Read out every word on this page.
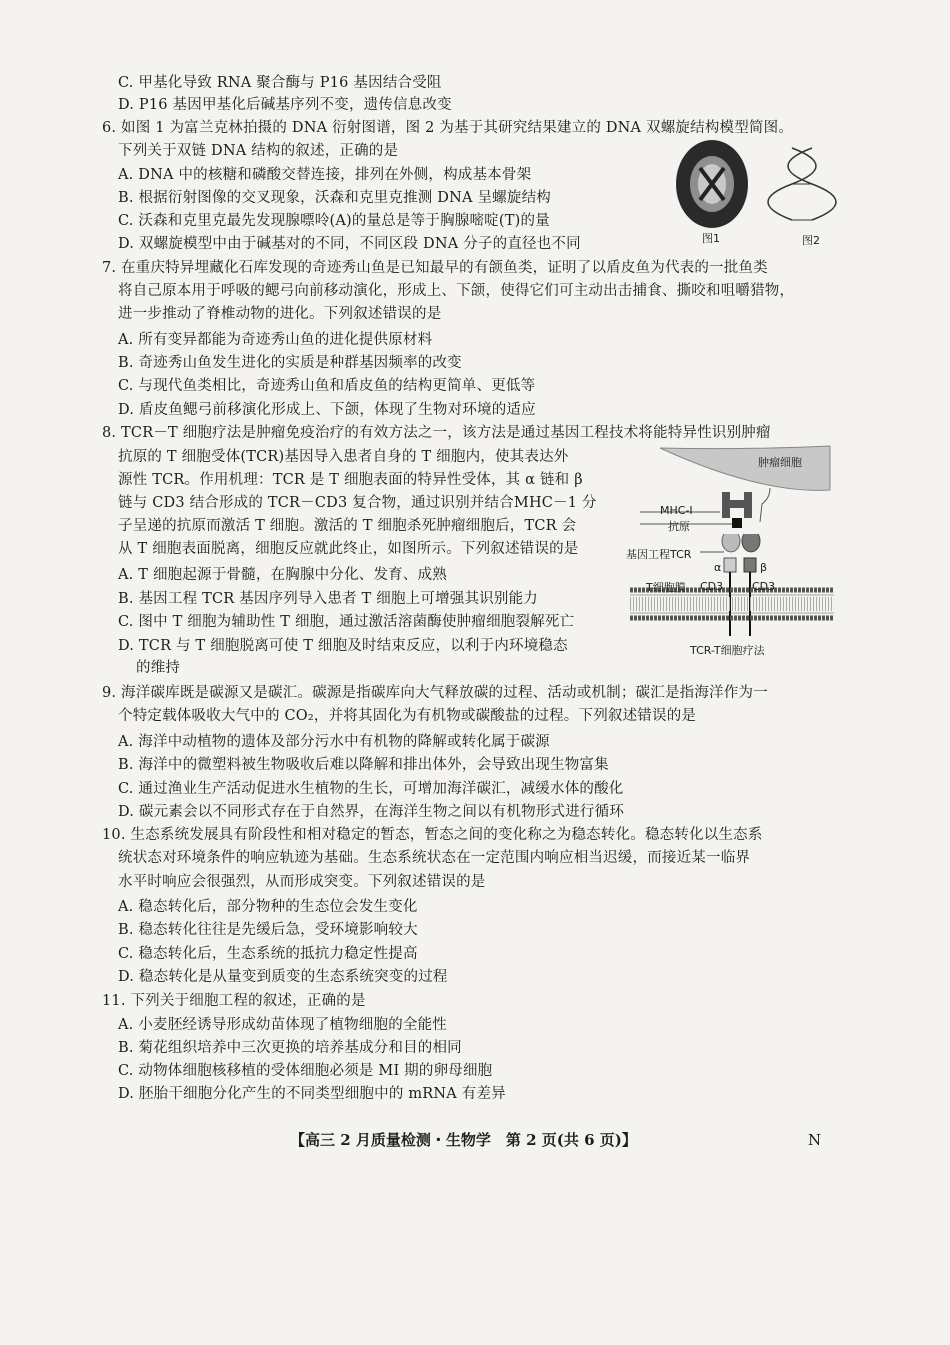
C. 甲基化导致 RNA 聚合酶与 P16 基因结合受阻
D. P16 基因甲基化后碱基序列不变，遗传信息改变
6. 如图 1 为富兰克林拍摄的 DNA 衍射图谱，图 2 为基于其研究结果建立的 DNA 双螺旋结构模型简图。
下列关于双链 DNA 结构的叙述，正确的是
A. DNA 中的核糖和磷酸交替连接，排列在外侧，构成基本骨架
B. 根据衍射图像的交叉现象，沃森和克里克推测 DNA 呈螺旋结构
C. 沃森和克里克最先发现腺嘌呤(A)的量总是等于胸腺嘧啶(T)的量
D. 双螺旋模型中由于碱基对的不同，不同区段 DNA 分子的直径也不同	图1	图2
7. 在重庆特异埋藏化石库发现的奇迹秀山鱼是已知最早的有颌鱼类，证明了以盾皮鱼为代表的一批鱼类
将自己原本用于呼吸的鳃弓向前移动演化，形成上、下颌，使得它们可主动出击捕食、撕咬和咀嚼猎物，
进一步推动了脊椎动物的进化。下列叙述错误的是
A. 所有变异都能为奇迹秀山鱼的进化提供原材料
B. 奇迹秀山鱼发生进化的实质是种群基因频率的改变
C. 与现代鱼类相比，奇迹秀山鱼和盾皮鱼的结构更简单、更低等
D. 盾皮鱼鳃弓前移演化形成上、下颌，体现了生物对环境的适应
8. TCR－T 细胞疗法是肿瘤免疫治疗的有效方法之一，该方法是通过基因工程技术将能特异性识别肿瘤
抗原的 T 细胞受体(TCR)基因导入患者自身的 T 细胞内，使其表达外
源性 TCR。作用机理：TCR 是 T 细胞表面的特异性受体，其 α 链和 β
链与 CD3 结合形成的 TCR－CD3 复合物，通过识别并结合MHC－1 分
子呈递的抗原而激活 T 细胞。激活的 T 细胞杀死肿瘤细胞后，TCR 会
从 T 细胞表面脱离，细胞反应就此终止，如图所示。下列叙述错误的是
A. T 细胞起源于骨髓，在胸腺中分化、发育、成熟
B. 基因工程 TCR 基因序列导入患者 T 细胞上可增强其识别能力
C. 图中 T 细胞为辅助性 T 细胞，通过激活溶菌酶使肿瘤细胞裂解死亡
D. TCR 与 T 细胞脱离可使 T 细胞及时结束反应，以利于内环境稳态
的维持
肿瘤细胞
MHC-Ⅰ
抗原
基因工程TCR
α	β
T细胞膜 CD3	CD3
TCR-T细胞疗法
9. 海洋碳库既是碳源又是碳汇。碳源是指碳库向大气释放碳的过程、活动或机制；碳汇是指海洋作为一
个特定载体吸收大气中的 CO₂，并将其固化为有机物或碳酸盐的过程。下列叙述错误的是
A. 海洋中动植物的遗体及部分污水中有机物的降解或转化属于碳源
B. 海洋中的微塑料被生物吸收后难以降解和排出体外，会导致出现生物富集
C. 通过渔业生产活动促进水生植物的生长，可增加海洋碳汇，减缓水体的酸化
D. 碳元素会以不同形式存在于自然界，在海洋生物之间以有机物形式进行循环
10. 生态系统发展具有阶段性和相对稳定的暂态，暂态之间的变化称之为稳态转化。稳态转化以生态系
统状态对环境条件的响应轨迹为基础。生态系统状态在一定范围内响应相当迟缓，而接近某一临界
水平时响应会很强烈，从而形成突变。下列叙述错误的是
A. 稳态转化后，部分物种的生态位会发生变化
B. 稳态转化往往是先缓后急，受环境影响较大
C. 稳态转化后，生态系统的抵抗力稳定性提高
D. 稳态转化是从量变到质变的生态系统突变的过程
11. 下列关于细胞工程的叙述，正确的是
A. 小麦胚经诱导形成幼苗体现了植物细胞的全能性
B. 菊花组织培养中三次更换的培养基成分和目的相同
C. 动物体细胞核移植的受体细胞必须是 MⅠ 期的卵母细胞
D. 胚胎干细胞分化产生的不同类型细胞中的 mRNA 有差异
【高三 2 月质量检测・生物学　第 2 页(共 6 页)】	N
